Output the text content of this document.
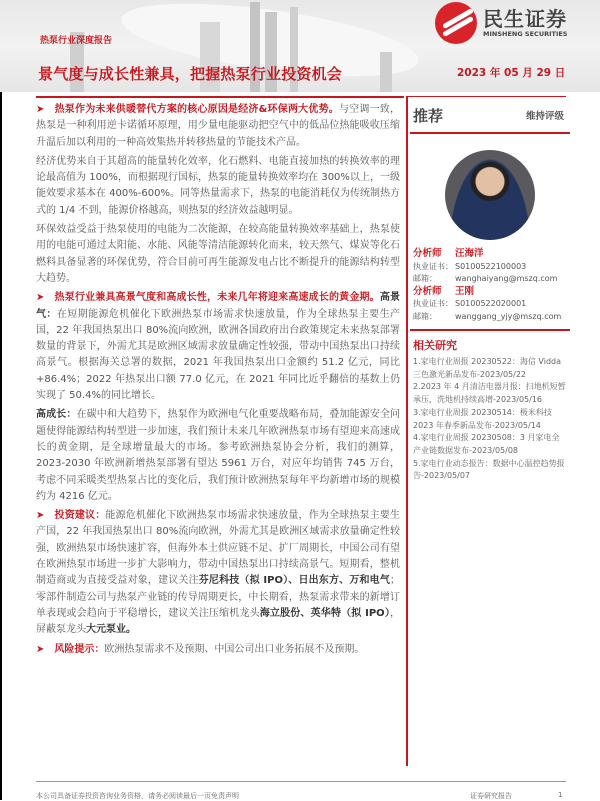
热泵行业深度报告
景气度与成长性兼具，把握热泵行业投资机会	2023 年 05 月 29 日
民生证券
MINSHENG SECURITIES

➤ 热泵作为未来供暖替代方案的核心原因是经济&环保两大优势。与空调一致，热泵是一种利用逆卡诺循环原理，用少量电能驱动把空气中的低品位热能吸收压缩升温后加以利用的一种高效集热并转移热量的节能技术产品。

经济优势来自于其超高的能量转化效率，化石燃料、电能直接加热的转换效率的理论最高值为 100%，而根据现行国标，热泵的能量转换效率均在 300%以上，一级能效要求基本在 400%-600%。同等热量需求下，热泵的电能消耗仅为传统制热方式的 1/4 不到，能源价格越高，则热泵的经济效益越明显。

环保效益受益于热泵使用的电能为二次能源，在较高能量转换效率基础上，热泵使用的电能可通过太阳能、水能、风能等清洁能源转化而来，较天然气、煤炭等化石燃料具备显著的环保优势，符合目前可再生能源发电占比不断提升的能源结构转型大趋势。

➤ 热泵行业兼具高景气度和高成长性，未来几年将迎来高速成长的黄金期。高景气：在短期能源危机催化下欧洲热泵市场需求快速放量，作为全球热泵主要生产国，22 年我国热泵出口 80%流向欧洲，欧洲各国政府出台政策规定未来热泵部署数量的背景下，外需尤其是欧洲区域需求放量确定性较强，带动中国热泵出口持续高景气。根据海关总署的数据，2021 年我国热泵出口金额约 51.2 亿元，同比+86.4%；2022 年热泵出口额 77.0 亿元，在 2021 年同比近乎翻倍的基数上仍实现了 50.4%的同比增长。

高成长：在碳中和大趋势下，热泵作为欧洲电气化重要战略布局，叠加能源安全问题使得能源结构转型进一步加速，我们预计未来几年欧洲热泵市场有望迎来高速成长的黄金期，是全球增量最大的市场。参考欧洲热泵协会分析，我们的测算，2023-2030 年欧洲新增热泵部署有望达 5961 万台，对应年均销售 745 万台，考虑不同采暖类型热泵占比的变化后，我们预计欧洲热泵每年平均新增市场的规模约为 4216 亿元。

➤ 投资建议：能源危机催化下欧洲热泵市场需求快速放量，作为全球热泵主要生产国，22 年我国热泵出口 80%流向欧洲，外需尤其是欧洲区域需求放量确定性较强，欧洲热泵市场快速扩容，但海外本土供应链不足、扩厂周期长，中国公司有望在欧洲热泵市场进一步扩大影响力，带动中国热泵出口持续高景气。短期看，整机制造商或为直接受益对象，建议关注芬尼科技（拟 IPO）、日出东方、万和电气；零部件制造公司与热泵产业链的传导周期更长，中长期看，热泵需求带来的新增订单表现或会趋向于平稳增长，建议关注压缩机龙头海立股份、英华特（拟 IPO），屏蔽泵龙头大元泵业。

➤ 风险提示：欧洲热泵需求不及预期、中国公司出口业务拓展不及预期。

推荐	维持评级
分析师	汪海洋
执业证书： S0100522100003
邮箱：	wanghaiyang@mszq.com
分析师	王刚
执业证书： S0100522020001
邮箱：	wanggang_yjy@mszq.com
相关研究
1.家电行业周报 20230522：海信 Vidda 三色激光新品发布-2023/05/22
2.2023 年 4 月清洁电器月报：扫地机短暂承压，洗地机持续高增-2023/05/16
3.家电行业周报 20230514：极米科技 2023 年春季新品发布-2023/05/14
4.家电行业周报 20230508：3 月家电全产业链数据发布-2023/05/08
5.家电行业动态报告：数据中心温控趋势报告-2023/05/07
本公司具备证券投资咨询业务资格，请务必阅读最后一页免责声明	证券研究报告	1
